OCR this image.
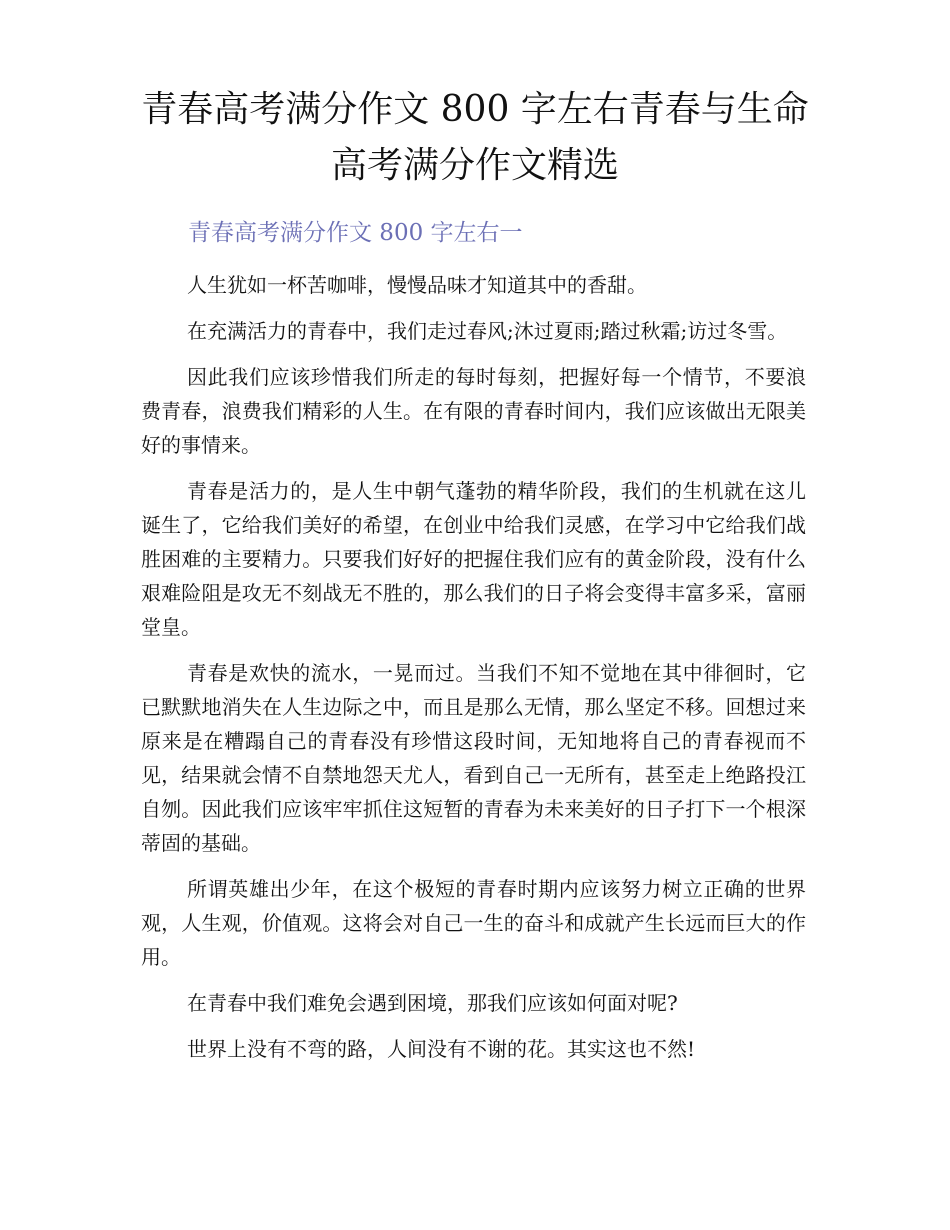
青春高考满分作文 800 字左右青春与生命
高考满分作文精选
青春高考满分作文 800 字左右一

人生犹如一杯苦咖啡，慢慢品味才知道其中的香甜。

在充满活力的青春中，我们走过春风;沐过夏雨;踏过秋霜;访过冬雪。

因此我们应该珍惜我们所走的每时每刻，把握好每一个情节，不要浪费青春，浪费我们精彩的人生。在有限的青春时间内，我们应该做出无限美好的事情来。

青春是活力的，是人生中朝气蓬勃的精华阶段，我们的生机就在这儿诞生了，它给我们美好的希望，在创业中给我们灵感，在学习中它给我们战胜困难的主要精力。只要我们好好的把握住我们应有的黄金阶段，没有什么艰难险阻是攻无不刻战无不胜的，那么我们的日子将会变得丰富多采，富丽堂皇。

青春是欢快的流水，一晃而过。当我们不知不觉地在其中徘徊时，它已默默地消失在人生边际之中，而且是那么无情，那么坚定不移。回想过来原来是在糟蹋自己的青春没有珍惜这段时间，无知地将自己的青春视而不见，结果就会情不自禁地怨天尤人，看到自己一无所有，甚至走上绝路投江自刎。因此我们应该牢牢抓住这短暂的青春为未来美好的日子打下一个根深蒂固的基础。

所谓英雄出少年，在这个极短的青春时期内应该努力树立正确的世界观，人生观，价值观。这将会对自己一生的奋斗和成就产生长远而巨大的作用。

在青春中我们难免会遇到困境，那我们应该如何面对呢?

世界上没有不弯的路，人间没有不谢的花。其实这也不然!
